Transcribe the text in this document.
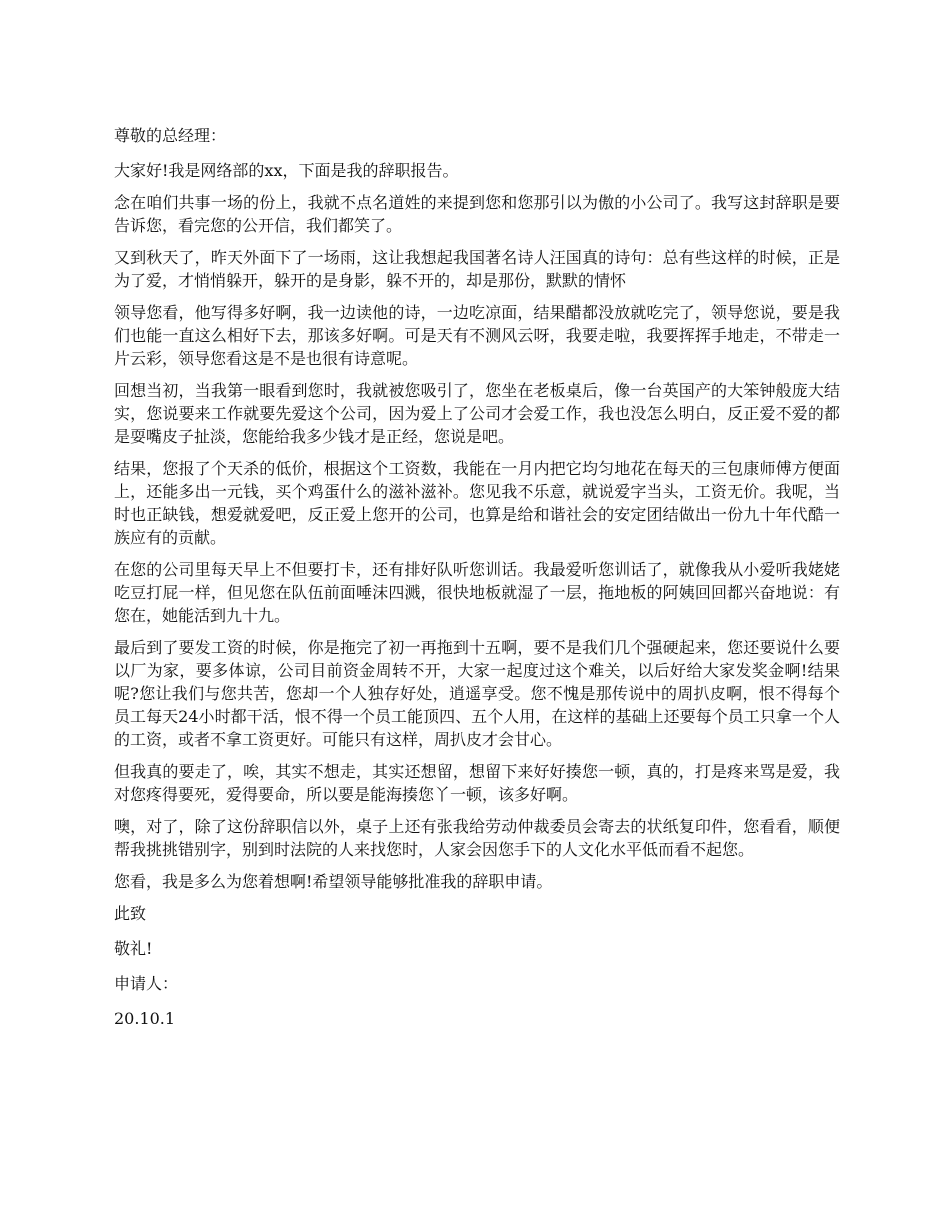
尊敬的总经理：

大家好!我是网络部的xx，下面是我的辞职报告。

念在咱们共事一场的份上，我就不点名道姓的来提到您和您那引以为傲的小公司了。我写这封辞职是要告诉您，看完您的公开信，我们都笑了。

又到秋天了，昨天外面下了一场雨，这让我想起我国著名诗人汪国真的诗句：总有些这样的时候，正是为了爱，才悄悄躲开，躲开的是身影，躲不开的，却是那份，默默的情怀

领导您看，他写得多好啊，我一边读他的诗，一边吃凉面，结果醋都没放就吃完了，领导您说，要是我们也能一直这么相好下去，那该多好啊。可是天有不测风云呀，我要走啦，我要挥挥手地走，不带走一片云彩，领导您看这是不是也很有诗意呢。

回想当初，当我第一眼看到您时，我就被您吸引了，您坐在老板桌后，像一台英国产的大笨钟般庞大结实，您说要来工作就要先爱这个公司，因为爱上了公司才会爱工作，我也没怎么明白，反正爱不爱的都是耍嘴皮子扯淡，您能给我多少钱才是正经，您说是吧。

结果，您报了个天杀的低价，根据这个工资数，我能在一月内把它均匀地花在每天的三包康师傅方便面上，还能多出一元钱，买个鸡蛋什么的滋补滋补。您见我不乐意，就说爱字当头，工资无价。我呢，当时也正缺钱，想爱就爱吧，反正爱上您开的公司，也算是给和谐社会的安定团结做出一份九十年代酷一族应有的贡献。

在您的公司里每天早上不但要打卡，还有排好队听您训话。我最爱听您训话了，就像我从小爱听我姥姥吃豆打屁一样，但见您在队伍前面唾沫四溅，很快地板就湿了一层，拖地板的阿姨回回都兴奋地说：有您在，她能活到九十九。

最后到了要发工资的时候，你是拖完了初一再拖到十五啊，要不是我们几个强硬起来，您还要说什么要以厂为家，要多体谅，公司目前资金周转不开，大家一起度过这个难关，以后好给大家发奖金啊!结果呢?您让我们与您共苦，您却一个人独存好处，逍遥享受。您不愧是那传说中的周扒皮啊，恨不得每个员工每天24小时都干活，恨不得一个员工能顶四、五个人用，在这样的基础上还要每个员工只拿一个人的工资，或者不拿工资更好。可能只有这样，周扒皮才会甘心。

但我真的要走了，唉，其实不想走，其实还想留，想留下来好好揍您一顿，真的，打是疼来骂是爱，我对您疼得要死，爱得要命，所以要是能海揍您丫一顿，该多好啊。

噢，对了，除了这份辞职信以外，桌子上还有张我给劳动仲裁委员会寄去的状纸复印件，您看看，顺便帮我挑挑错别字，别到时法院的人来找您时，人家会因您手下的人文化水平低而看不起您。

您看，我是多么为您着想啊!希望领导能够批准我的辞职申请。

此致

敬礼!

申请人：

20.10.1
